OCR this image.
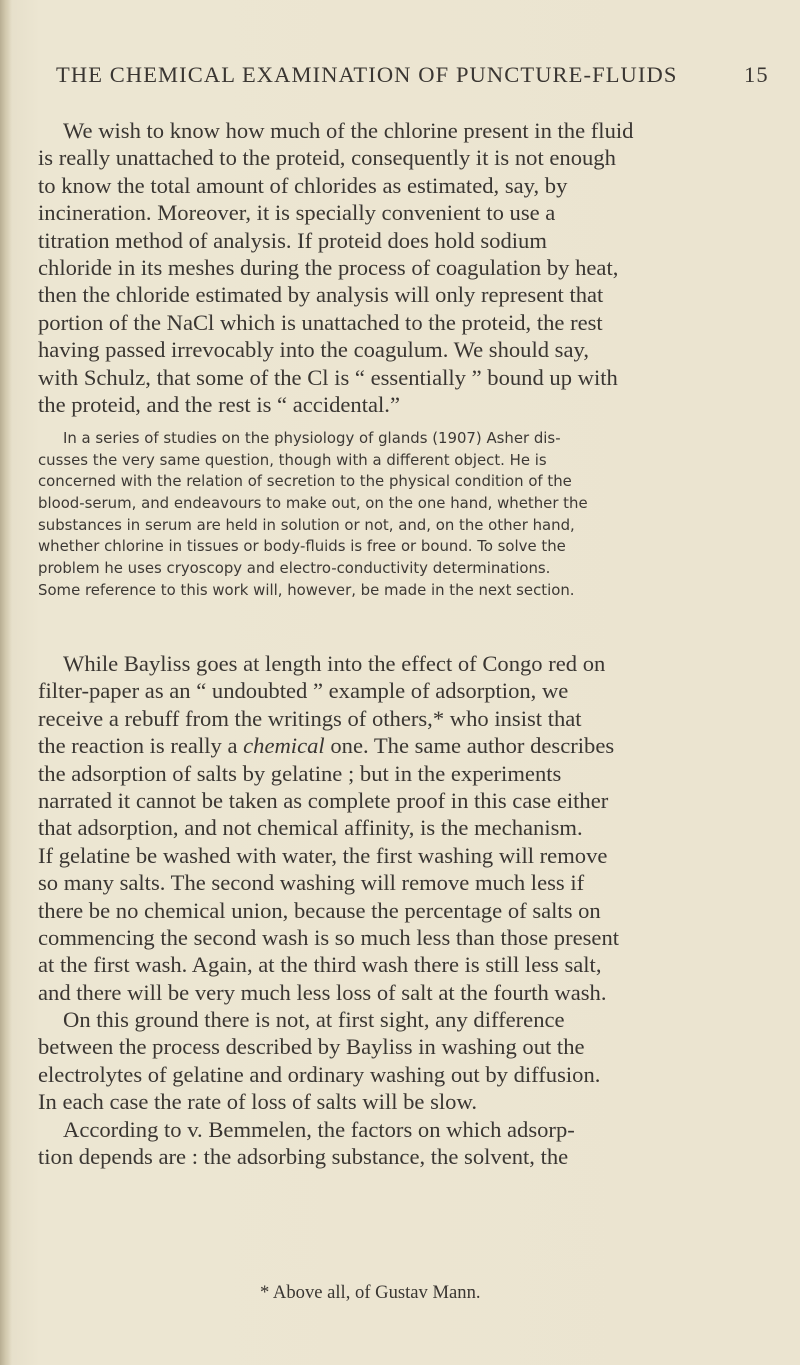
THE CHEMICAL EXAMINATION OF PUNCTURE-FLUIDS	15
We wish to know how much of the chlorine present in the fluid
is really unattached to the proteid, consequently it is not enough
to know the total amount of chlorides as estimated, say, by
incineration. Moreover, it is specially convenient to use a
titration method of analysis. If proteid does hold sodium
chloride in its meshes during the process of coagulation by heat,
then the chloride estimated by analysis will only represent that
portion of the NaCl which is unattached to the proteid, the rest
having passed irrevocably into the coagulum. We should say,
with Schulz, that some of the Cl is “ essentially ” bound up with
the proteid, and the rest is “ accidental.”
In a series of studies on the physiology of glands (1907) Asher dis-
cusses the very same question, though with a different object. He is
concerned with the relation of secretion to the physical condition of the
blood-serum, and endeavours to make out, on the one hand, whether the
substances in serum are held in solution or not, and, on the other hand,
whether chlorine in tissues or body-fluids is free or bound. To solve the
problem he uses cryoscopy and electro-conductivity determinations.
Some reference to this work will, however, be made in the next section.
While Bayliss goes at length into the effect of Congo red on
filter-paper as an “ undoubted ” example of adsorption, we
receive a rebuff from the writings of others,* who insist that
the reaction is really a chemical one. The same author describes
the adsorption of salts by gelatine ; but in the experiments
narrated it cannot be taken as complete proof in this case either
that adsorption, and not chemical affinity, is the mechanism.
If gelatine be washed with water, the first washing will remove
so many salts. The second washing will remove much less if
there be no chemical union, because the percentage of salts on
commencing the second wash is so much less than those present
at the first wash. Again, at the third wash there is still less salt,
and there will be very much less loss of salt at the fourth wash.
On this ground there is not, at first sight, any difference
between the process described by Bayliss in washing out the
electrolytes of gelatine and ordinary washing out by diffusion.
In each case the rate of loss of salts will be slow.
According to v. Bemmelen, the factors on which adsorp-
tion depends are : the adsorbing substance, the solvent, the
* Above all, of Gustav Mann.
